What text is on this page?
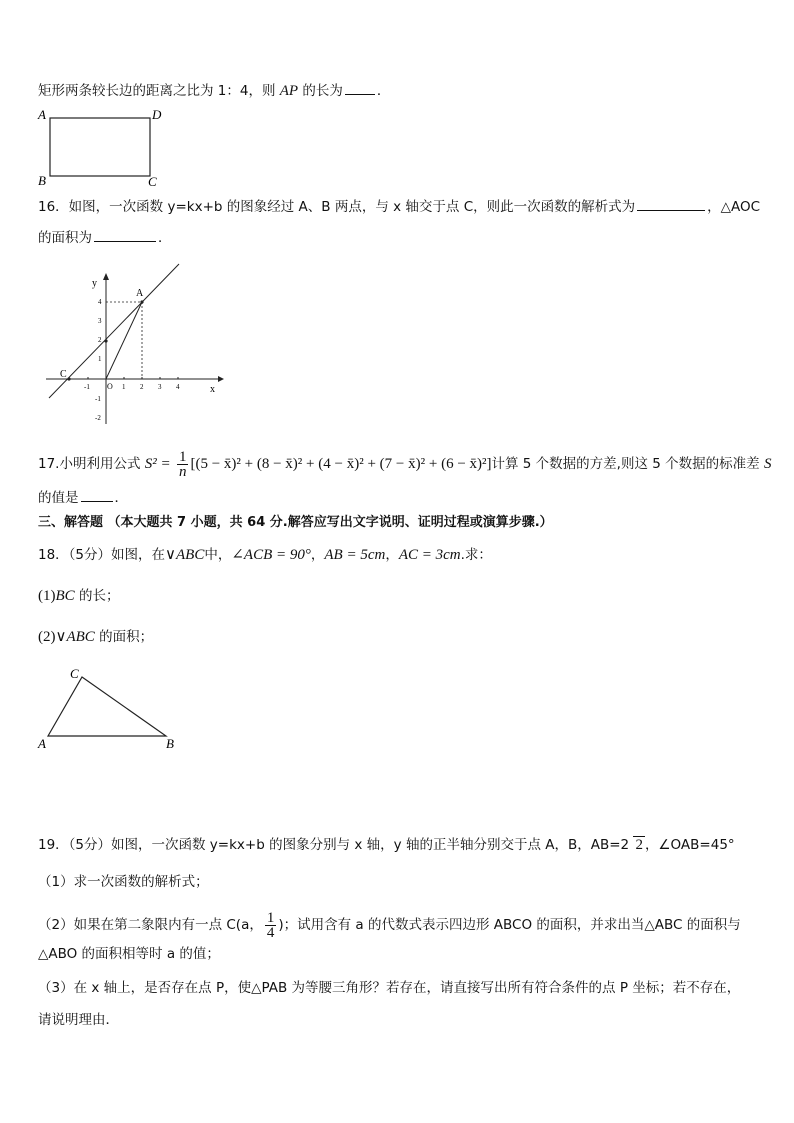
矩形两条较长边的距离之比为 1：4，则 AP 的长为	．
A	D
B	C
16．如图，一次函数 y=kx+b 的图象经过 A、B 两点，与 x 轴交于点 C，则此一次函数的解析式为	，△AOC
的面积为	．
y
x
O
-1	1 2 3 4
4
3
2
1
-1
-2
A
C
17.小明利用公式 $S^2 = \frac{1}{n} [(5$ − x̄)² + (8 − x̄)² + (4 − x̄)² + (7 − x̄)² + (6 − x̄)²]计算 5 个数据的方差,则这 5 个数据的标准差 S
的值是	．
三、解答题 （本大题共 7 小题，共 64 分.解答应写出文字说明、证明过程或演算步骤.）
18．（5分）如图，在∨ABC中，∠ACB = 90°，AB = 5cm，AC = 3cm.求：
(1)BC 的长；
(2)∨ABC 的面积；
C
A	B
19．（5分）如图，一次函数 y=kx+b 的图象分别与 x 轴，y 轴的正半轴分别交于点 A，B，AB=2 2 ，∠OAB=45°
（1）求一次函数的解析式；
（2）如果在第二象限内有一点 C(a， $\frac{1}{4}$ )；试用含有 a 的代数式表示四边形 ABCO 的面积，并求出当△ABC 的面积与
△ABO 的面积相等时 a 的值；
（3）在 x 轴上，是否存在点 P，使△PAB 为等腰三角形？若存在，请直接写出所有符合条件的点 P 坐标；若不存在，
请说明理由．
